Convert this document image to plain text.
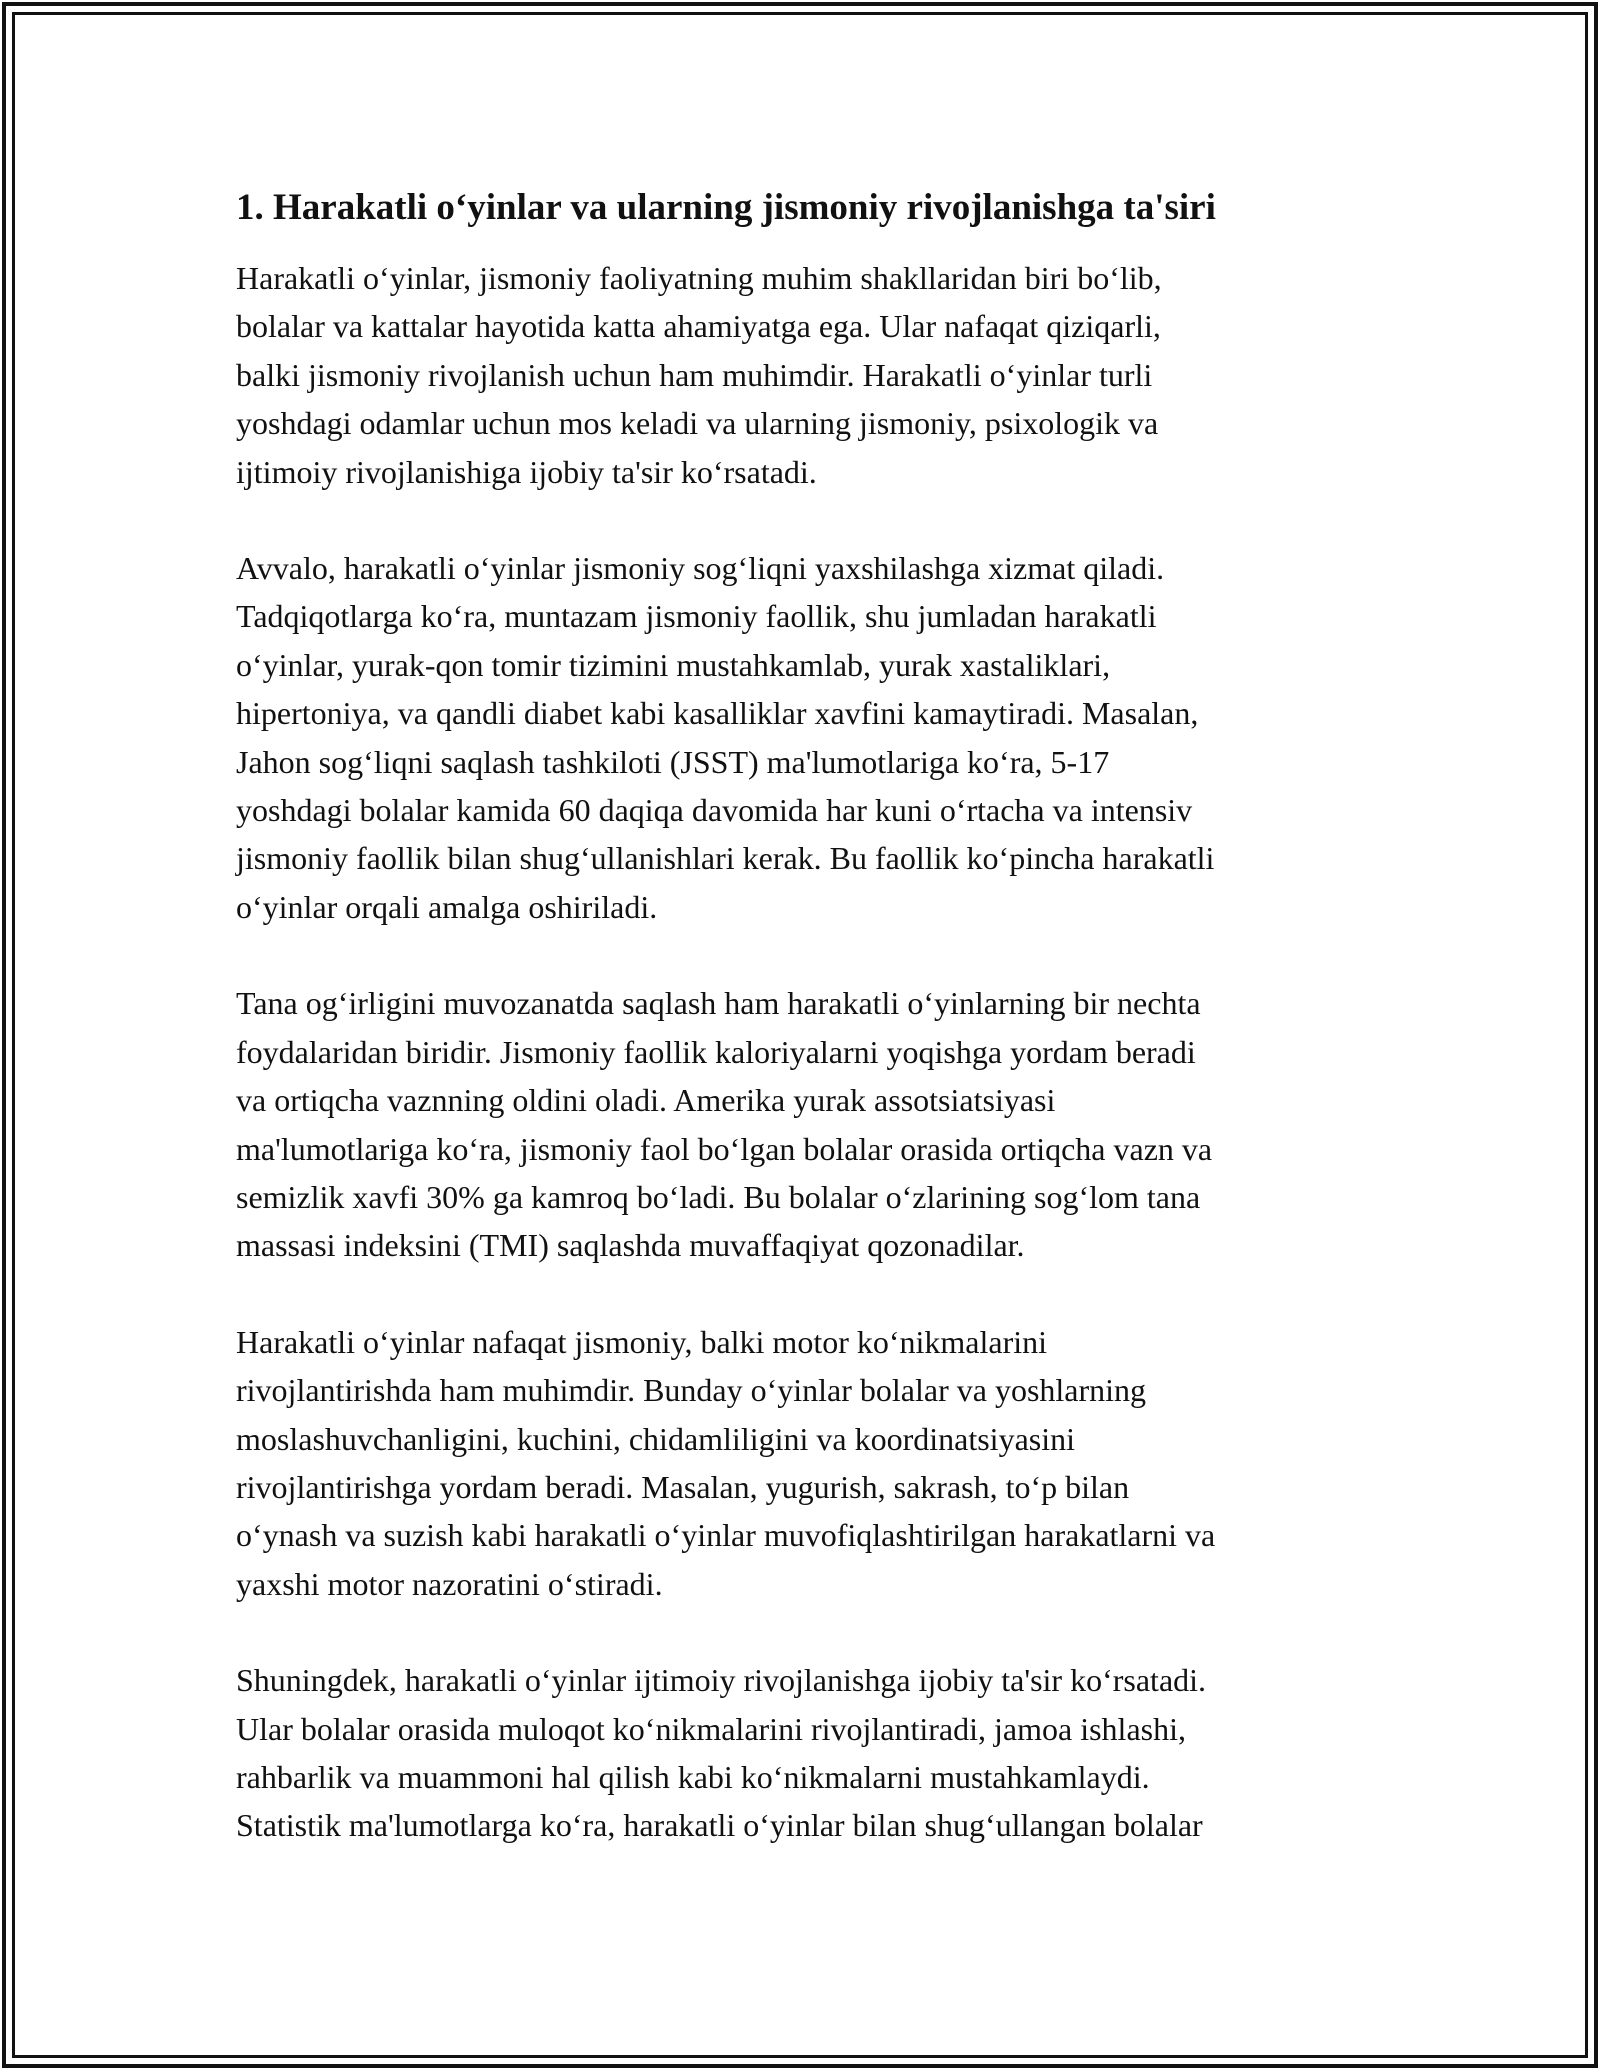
1. Harakatli o‘yinlar va ularning jismoniy rivojlanishga ta'siri

Harakatli o‘yinlar, jismoniy faoliyatning muhim shakllaridan biri bo‘lib,
bolalar va kattalar hayotida katta ahamiyatga ega. Ular nafaqat qiziqarli,
balki jismoniy rivojlanish uchun ham muhimdir. Harakatli o‘yinlar turli
yoshdagi odamlar uchun mos keladi va ularning jismoniy, psixologik va
ijtimoiy rivojlanishiga ijobiy ta'sir ko‘rsatadi.

Avvalo, harakatli o‘yinlar jismoniy sog‘liqni yaxshilashga xizmat qiladi.
Tadqiqotlarga ko‘ra, muntazam jismoniy faollik, shu jumladan harakatli
o‘yinlar, yurak-qon tomir tizimini mustahkamlab, yurak xastaliklari,
hipertoniya, va qandli diabet kabi kasalliklar xavfini kamaytiradi. Masalan,
Jahon sog‘liqni saqlash tashkiloti (JSST) ma'lumotlariga ko‘ra, 5-17
yoshdagi bolalar kamida 60 daqiqa davomida har kuni o‘rtacha va intensiv
jismoniy faollik bilan shug‘ullanishlari kerak. Bu faollik ko‘pincha harakatli
o‘yinlar orqali amalga oshiriladi.

Tana og‘irligini muvozanatda saqlash ham harakatli o‘yinlarning bir nechta
foydalaridan biridir. Jismoniy faollik kaloriyalarni yoqishga yordam beradi
va ortiqcha vaznning oldini oladi. Amerika yurak assotsiatsiyasi
ma'lumotlariga ko‘ra, jismoniy faol bo‘lgan bolalar orasida ortiqcha vazn va
semizlik xavfi 30% ga kamroq bo‘ladi. Bu bolalar o‘zlarining sog‘lom tana
massasi indeksini (TMI) saqlashda muvaffaqiyat qozonadilar.

Harakatli o‘yinlar nafaqat jismoniy, balki motor ko‘nikmalarini
rivojlantirishda ham muhimdir. Bunday o‘yinlar bolalar va yoshlarning
moslashuvchanligini, kuchini, chidamliligini va koordinatsiyasini
rivojlantirishga yordam beradi. Masalan, yugurish, sakrash, to‘p bilan
o‘ynash va suzish kabi harakatli o‘yinlar muvofiqlashtirilgan harakatlarni va
yaxshi motor nazoratini o‘stiradi.

Shuningdek, harakatli o‘yinlar ijtimoiy rivojlanishga ijobiy ta'sir ko‘rsatadi.
Ular bolalar orasida muloqot ko‘nikmalarini rivojlantiradi, jamoa ishlashi,
rahbarlik va muammoni hal qilish kabi ko‘nikmalarni mustahkamlaydi.
Statistik ma'lumotlarga ko‘ra, harakatli o‘yinlar bilan shug‘ullangan bolalar
